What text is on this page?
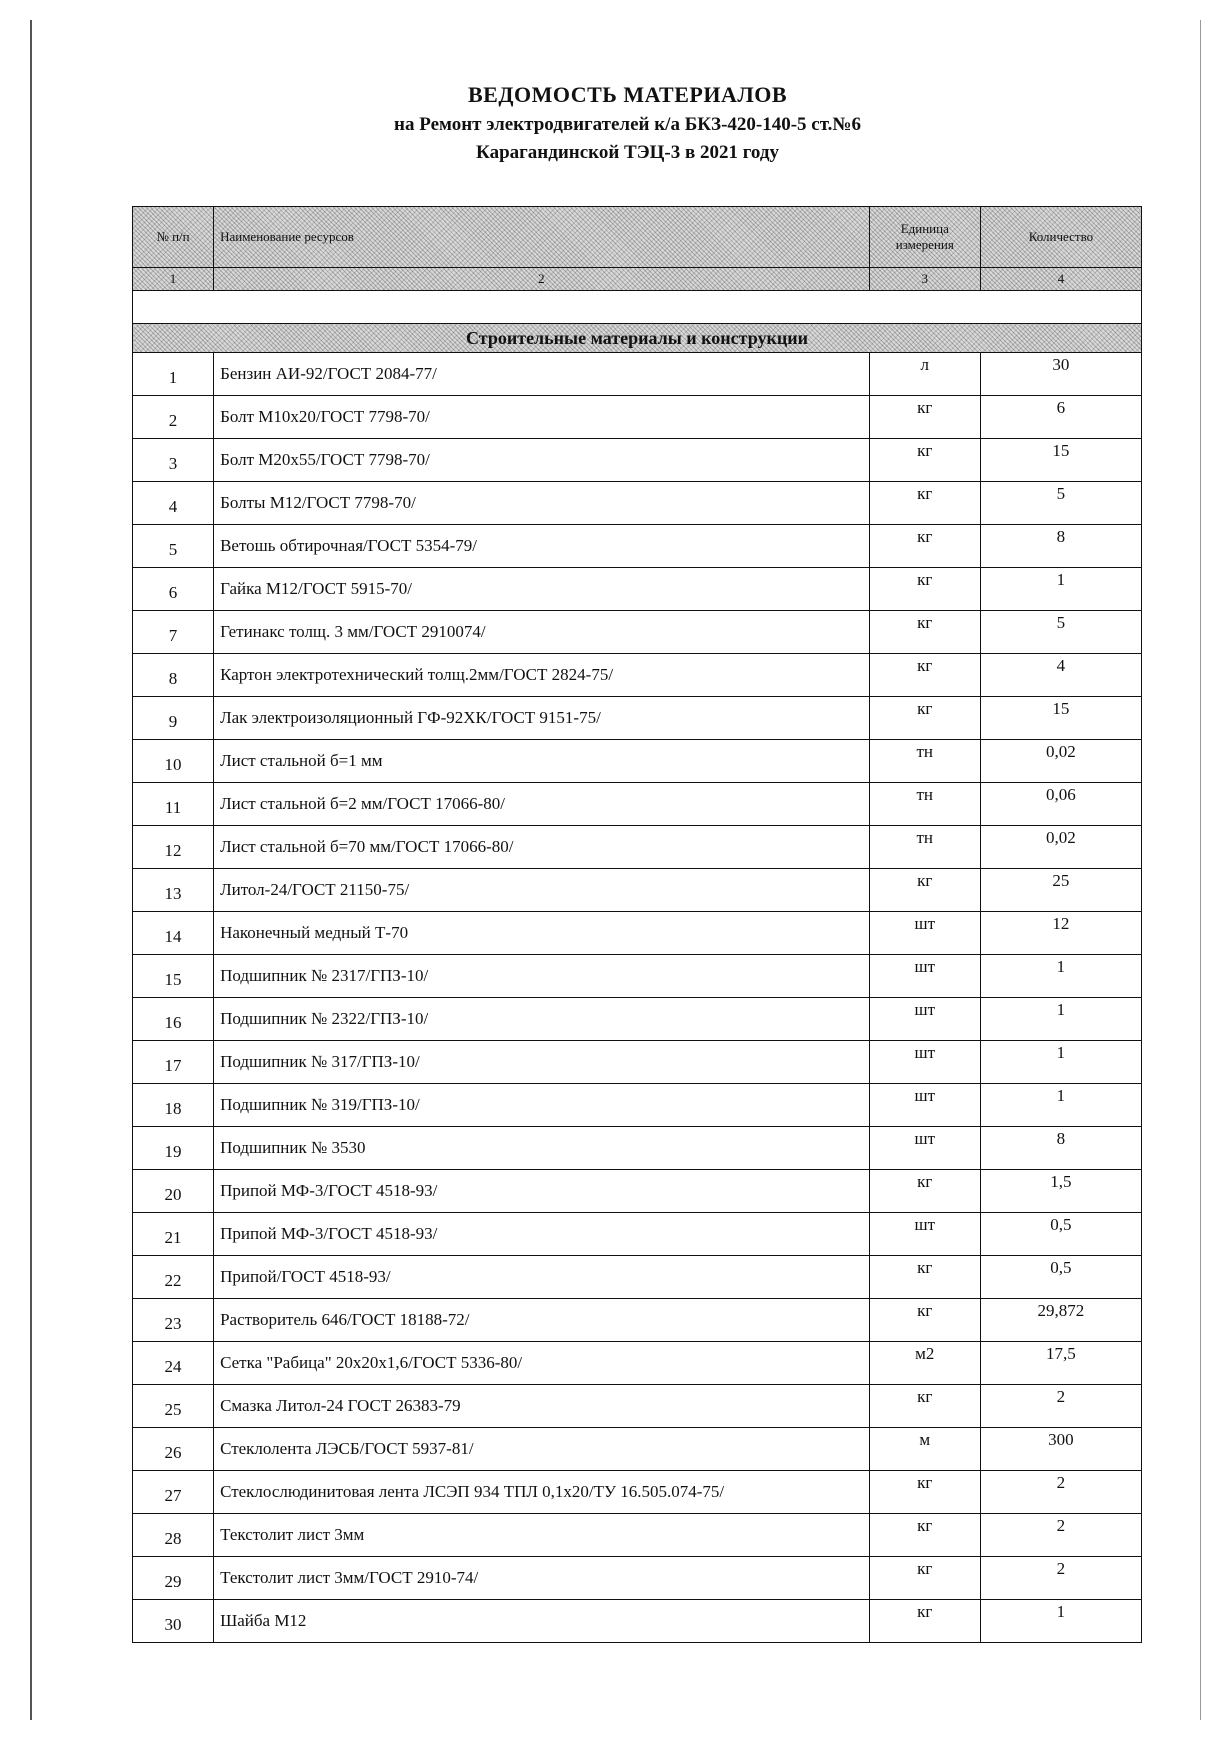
ВЕДОМОСТЬ МАТЕРИАЛОВ
на Ремонт электродвигателей к/а БКЗ-420-140-5 ст.№6
Карагандинской ТЭЦ-3 в 2021 году
№ п/п	Наименование ресурсов	Единица измерения	Количество
1	2	3	4

Строительные материалы и конструкции			
1	Бензин АИ-92/ГОСТ 2084-77/	л	30
2	Болт М10х20/ГОСТ 7798-70/	кг	6
3	Болт М20х55/ГОСТ 7798-70/	кг	15
4	Болты М12/ГОСТ 7798-70/	кг	5
5	Ветошь обтирочная/ГОСТ 5354-79/	кг	8
6	Гайка М12/ГОСТ 5915-70/	кг	1
7	Гетинакс толщ. 3 мм/ГОСТ 2910074/	кг	5
8	Картон электротехнический толщ.2мм/ГОСТ 2824-75/	кг	4
9	Лак электроизоляционный ГФ-92ХК/ГОСТ 9151-75/	кг	15
10	Лист стальной б=1 мм	тн	0,02
11	Лист стальной б=2 мм/ГОСТ 17066-80/	тн	0,06
12	Лист стальной б=70 мм/ГОСТ 17066-80/	тн	0,02
13	Литол-24/ГОСТ 21150-75/	кг	25
14	Наконечный медный Т-70	шт	12
15	Подшипник № 2317/ГПЗ-10/	шт	1
16	Подшипник № 2322/ГПЗ-10/	шт	1
17	Подшипник № 317/ГПЗ-10/	шт	1
18	Подшипник № 319/ГПЗ-10/	шт	1
19	Подшипник № 3530	шт	8
20	Припой МФ-3/ГОСТ 4518-93/	кг	1,5
21	Припой МФ-3/ГОСТ 4518-93/	шт	0,5
22	Припой/ГОСТ 4518-93/	кг	0,5
23	Растворитель 646/ГОСТ 18188-72/	кг	29,872
24	Сетка "Рабица" 20х20х1,6/ГОСТ 5336-80/	м2	17,5
25	Смазка Литол-24 ГОСТ 26383-79	кг	2
26	Стеклолента ЛЭСБ/ГОСТ 5937-81/	м	300
27	Стеклослюдинитовая лента ЛСЭП 934 ТПЛ 0,1х20/ТУ 16.505.074-75/	кг	2
28	Текстолит лист 3мм	кг	2
29	Текстолит лист 3мм/ГОСТ 2910-74/	кг	2
30	Шайба М12	кг	1
